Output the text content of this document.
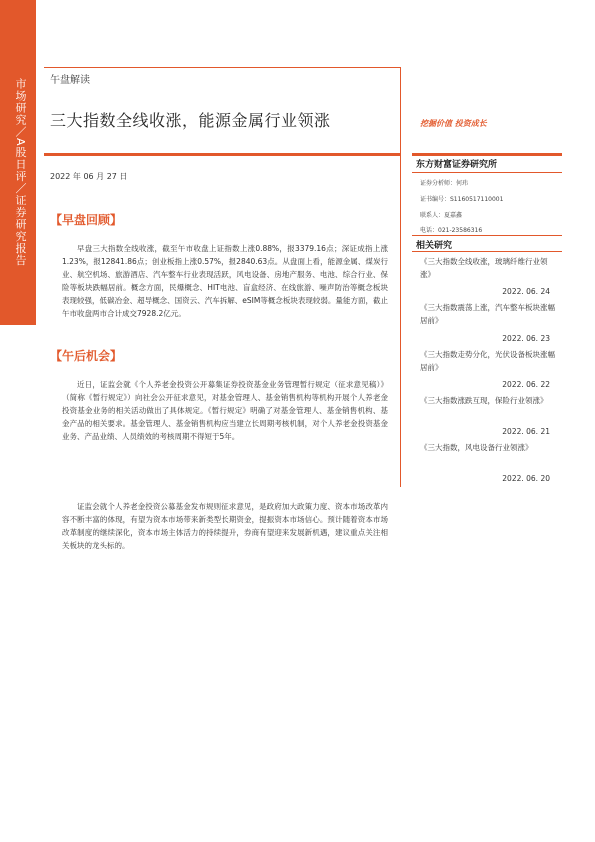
市场研究／A股日评／证券研究报告 午盘解读
三大指数全线收涨，能源金属行业领涨	挖掘价值 投资成长
2022 年 06 月 27 日
【早盘回顾】

早盘三大指数全线收涨，截至午市收盘上证指数上涨0.88%，报3379.16点；深证成指上涨1.23%，报12841.86点；创业板指上涨0.57%，报2840.63点。从盘面上看，能源金属、煤炭行业、航空机场、旅游酒店、汽车整车行业表现活跃，风电设备、房地产服务、电池、综合行业、保险等板块跌幅居前。概念方面，民爆概念、HIT电池、盲盒经济、在线旅游、噪声防治等概念板块表现较强，低碳冶金、超导概念、国资云、汽车拆解、eSIM等概念板块表现较弱。量能方面，截止午市收盘两市合计成交7928.2亿元。

【午后机会】

近日，证监会就《个人养老金投资公开募集证券投资基金业务管理暂行规定（征求意见稿）》（简称《暂行规定》）向社会公开征求意见，对基金管理人、基金销售机构等机构开展个人养老金投资基金业务的相关活动做出了具体规定。《暂行规定》明确了对基金管理人、基金销售机构、基金产品的相关要求。基金管理人、基金销售机构应当建立长周期考核机制，对个人养老金投资基金业务、产品业绩、人员绩效的考核周期不得短于5年。

证监会就个人养老金投资公募基金发布规则征求意见，是政府加大政策力度、资本市场改革内容不断丰富的体现，有望为资本市场带来新类型长期资金，提振资本市场信心。预计随着资本市场改革制度的继续深化，资本市场主体活力的持续提升，券商有望迎来发展新机遇，建议重点关注相关板块的龙头标的。

东方财富证券研究所
证券分析师：何玮
证书编号：S1160517110001
联系人：夏嘉鑫
电话：021-23586316
相关研究
《三大指数全线收涨，玻璃纤维行业领涨》
2022. 06. 24
《三大指数震荡上涨，汽车整车板块涨幅居前》
2022. 06. 23
《三大指数走势分化，光伏设备板块涨幅居前》
2022. 06. 22
《三大指数涨跌互现，保险行业领涨》
2022. 06. 21
《三大指数，风电设备行业领涨》
2022. 06. 20
